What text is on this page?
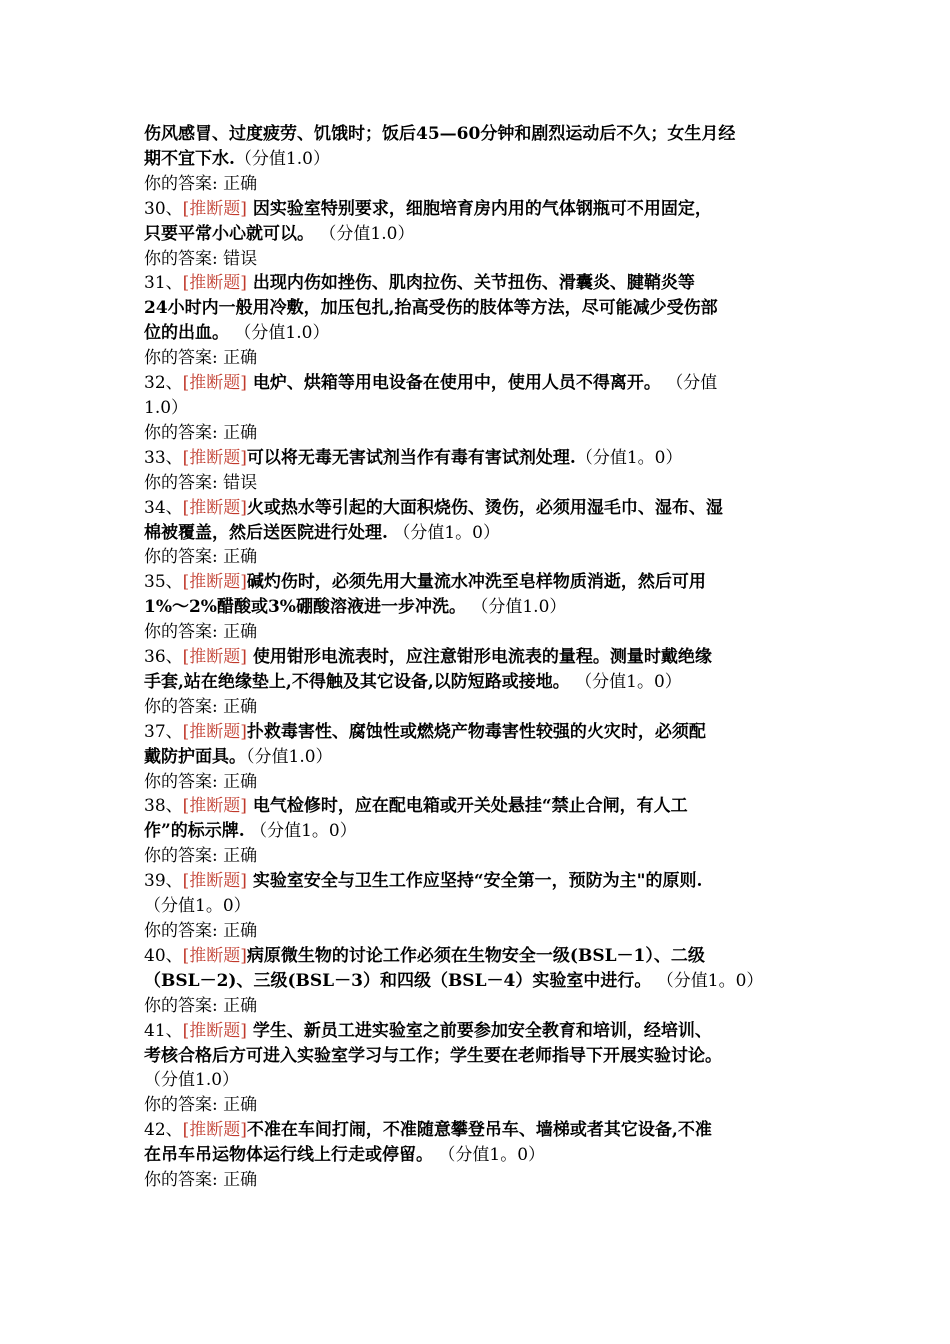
伤风感冒、过度疲劳、饥饿时；饭后45—60分钟和剧烈运动后不久；女生月经
期不宜下水.（分值1.0）
你的答案: 正确
30、[推断题] 因实验室特别要求，细胞培育房内用的气体钢瓶可不用固定，
只要平常小心就可以。 （分值1.0）
你的答案: 错误
31、[推断题] 出现内伤如挫伤、肌肉拉伤、关节扭伤、滑囊炎、腱鞘炎等
24小时内一般用冷敷，加压包扎,抬高受伤的肢体等方法，尽可能减少受伤部
位的出血。 （分值1.0）
你的答案: 正确
32、[推断题] 电炉、烘箱等用电设备在使用中，使用人员不得离开。 （分值
1.0）
你的答案: 正确
33、[推断题]可以将无毒无害试剂当作有毒有害试剂处理.（分值1。0）
你的答案: 错误
34、[推断题]火或热水等引起的大面积烧伤、烫伤，必须用湿毛巾、湿布、湿
棉被覆盖，然后送医院进行处理. （分值1。0）
你的答案: 正确
35、[推断题]碱灼伤时，必须先用大量流水冲洗至皂样物质消逝，然后可用
1%～2%醋酸或3%硼酸溶液进一步冲洗。 （分值1.0）
你的答案: 正确
36、[推断题] 使用钳形电流表时，应注意钳形电流表的量程。测量时戴绝缘
手套,站在绝缘垫上,不得触及其它设备,以防短路或接地。 （分值1。0）
你的答案: 正确
37、[推断题]扑救毒害性、腐蚀性或燃烧产物毒害性较强的火灾时，必须配
戴防护面具。（分值1.0）
你的答案: 正确
38、[推断题] 电气检修时，应在配电箱或开关处悬挂“禁止合闸，有人工
作”的标示牌. （分值1。0）
你的答案: 正确
39、[推断题] 实验室安全与卫生工作应坚持“安全第一，预防为主"的原则.
（分值1。0）
你的答案: 正确
40、[推断题]病原微生物的讨论工作必须在生物安全一级(BSL－1）、二级
（BSL－2)、三级(BSL－3）和四级（BSL－4）实验室中进行。 （分值1。0）
你的答案: 正确
41、[推断题] 学生、新员工进实验室之前要参加安全教育和培训，经培训、
考核合格后方可进入实验室学习与工作；学生要在老师指导下开展实验讨论。
（分值1.0）
你的答案: 正确
42、[推断题]不准在车间打闹，不准随意攀登吊车、墙梯或者其它设备,不准
在吊车吊运物体运行线上行走或停留。 （分值1。0）
你的答案: 正确
